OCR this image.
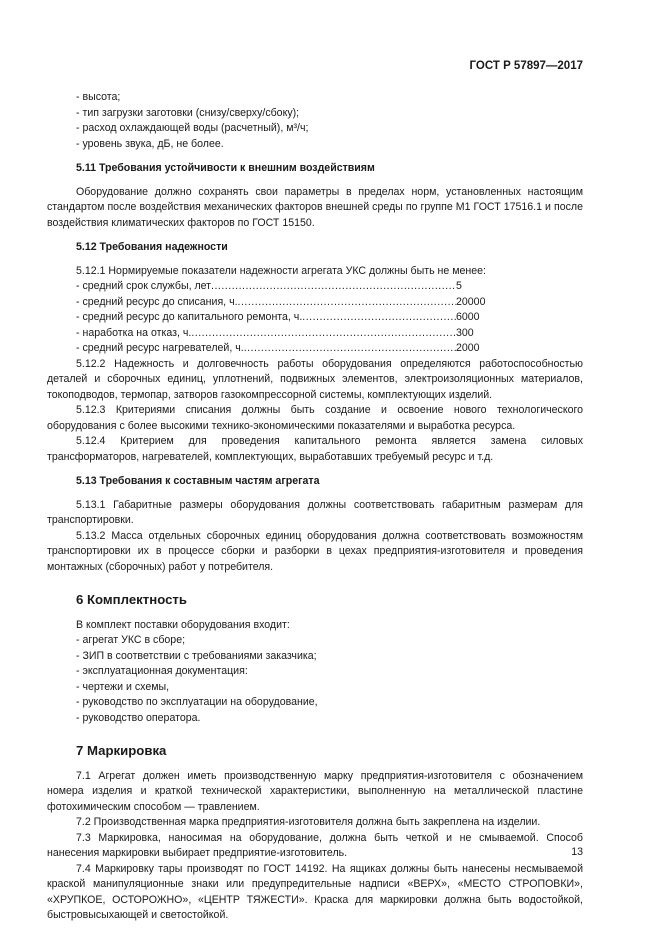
ГОСТ Р 57897—2017
- высота;
- тип загрузки заготовки (снизу/сверху/сбоку);
- расход охлаждающей воды (расчетный), м³/ч;
- уровень звука, дБ, не более.
5.11 Требования устойчивости к внешним воздействиям

Оборудование должно сохранять свои параметры в пределах норм, установленных настоящим стандартом после воздействия механических факторов внешней среды по группе М1 ГОСТ 17516.1 и после воздействия климатических факторов по ГОСТ 15150.

5.12 Требования надежности

5.12.1 Нормируемые показатели надежности агрегата УКС должны быть не менее:

- средний срок службы, лет .....	5
- средний ресурс до списания, ч. .....	20000
- средний ресурс до капитального ремонта, ч. .....	6000
- наработка на отказ, ч. .....	300
- средний ресурс нагревателей, ч. .....	2000

5.12.2 Надежность и долговечность работы оборудования определяются работоспособностью деталей и сборочных единиц, уплотнений, подвижных элементов, электроизоляционных материалов, токоподводов, термопар, затворов газокомпрессорной системы, комплектующих изделий.

5.12.3 Критериями списания должны быть создание и освоение нового технологического оборудования с более высокими технико-экономическими показателями и выработка ресурса.

5.12.4 Критерием для проведения капитального ремонта является замена силовых трансформаторов, нагревателей, комплектующих, выработавших требуемый ресурс и т.д.

5.13 Требования к составным частям агрегата

5.13.1 Габаритные размеры оборудования должны соответствовать габаритным размерам для транспортировки.

5.13.2 Масса отдельных сборочных единиц оборудования должна соответствовать возможностям транспортировки их в процессе сборки и разборки в цехах предприятия-изготовителя и проведения монтажных (сборочных) работ у потребителя.

6 Комплектность

В комплект поставки оборудования входит:

- агрегат УКС в сборе;
- ЗИП в соответствии с требованиями заказчика;
- эксплуатационная документация:
- чертежи и схемы,
- руководство по эксплуатации на оборудование,
- руководство оператора.
7 Маркировка

7.1 Агрегат должен иметь производственную марку предприятия-изготовителя с обозначением номера изделия и краткой технической характеристики, выполненную на металлической пластине фотохимическим способом — травлением.

7.2 Производственная марка предприятия-изготовителя должна быть закреплена на изделии.

7.3 Маркировка, наносимая на оборудование, должна быть четкой и не смываемой. Способ нанесения маркировки выбирает предприятие-изготовитель.

7.4 Маркировку тары производят по ГОСТ 14192. На ящиках должны быть нанесены несмываемой краской манипуляционные знаки или предупредительные надписи «ВЕРХ», «МЕСТО СТРОПОВКИ», «ХРУПКОЕ, ОСТОРОЖНО», «ЦЕНТР ТЯЖЕСТИ». Краска для маркировки должна быть водостойкой, быстровысыхающей и светостойкой.

13
